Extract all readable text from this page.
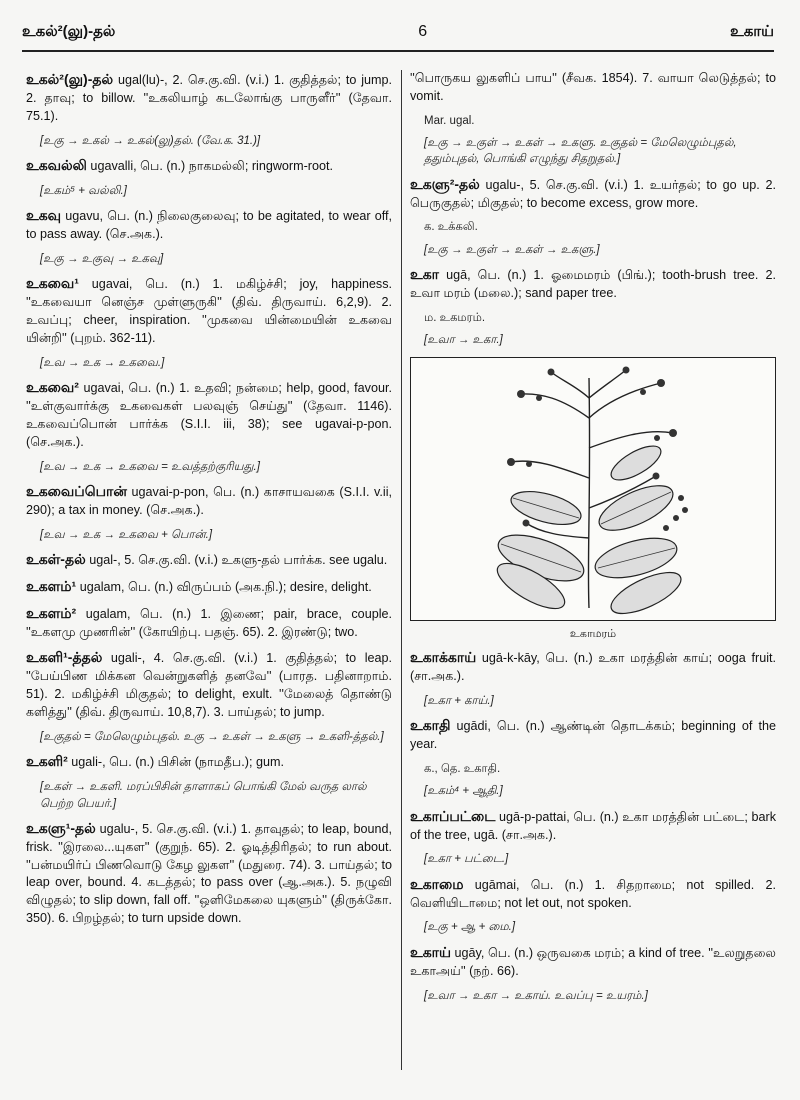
உகல்²(லு)-தல்	6	உகாய்
உகல்²(லு)-தல் ugal(lu)-, 2. செ.கு.வி. (v.i.) 1. குதித்தல்; to jump. 2. தாவு; to billow. ''உகலியாழ் கடலோங்கு பாருளீர்'' (தேவா. 75.1).
[உகு → உகல் → உகல்(லு)தல். (வே.க. 31.)]
உகவல்லி ugavalli, பெ. (n.) நாகமல்லி; ringworm-root.
[உகம்⁵ + வல்லி.]
உகவு ugavu, பெ. (n.) நிலைகுலைவு; to be agitated, to wear off, to pass away. (செ.அக.).
[உகு → உகுவு → உகவு]
உகவை¹ ugavai, பெ. (n.) 1. மகிழ்ச்சி; joy, happiness. ''உகவையா னெஞ்ச முள்ளுருகி'' (திவ். திருவாய். 6,2,9). 2. உவப்பு; cheer, inspiration. ''முகவை யின்மையின் உகவை யின்றி'' (புறம். 362-11).
[உவ → உக → உகவை.]
உகவை² ugavai, பெ. (n.) 1. உதவி; நன்மை; help, good, favour. ''உள்குவார்க்கு உகவைகள் பலவுஞ் செய்து'' (தேவா. 1146). உகவைப்பொன் பார்க்க (S.I.I. iii, 38); see ugavai-p-pon. (செ.அக.).
[உவ → உக → உகவை = உவத்தற்குரியது.]
உகவைப்பொன் ugavai-p-pon, பெ. (n.) காசாயவகை (S.I.I. v.ii, 290); a tax in money. (செ.அக.).
[உவ → உக → உகவை + பொன்.]
உகள்-தல் ugal-, 5. செ.கு.வி. (v.i.) உகளு-தல் பார்க்க. see ugalu.
உகளம்¹ ugalam, பெ. (n.) விருப்பம் (அக.நி.); desire, delight.
உகளம்² ugalam, பெ. (n.) 1. இணை; pair, brace, couple. ''உகளமு முணரின்'' (கோயிற்பு. பதஞ். 65). 2. இரண்டு; two.
உகளி¹-த்தல் ugali-, 4. செ.கு.வி. (v.i.) 1. குதித்தல்; to leap. ''பேய்பிண மிக்கன வென்றுகளித் தனவே'' (பாரத. பதினாறாம். 51). 2. மகிழ்ச்சி மிகுதல்; to delight, exult. ''மேலைத் தொண்டு களித்து'' (திவ். திருவாய். 10,8,7). 3. பாய்தல்; to jump.
[உகுதல் = மேலெழும்புதல். உகு → உகள் → உகளு → உகளி-த்தல்.]
உகளி² ugali-, பெ. (n.) பிசின் (நாமதீப.); gum.
[உகள் → உகளி. மரப்பிசின் தாளாகப் பொங்கி மேல் வருத லால் பெற்ற பெயர்.]
உகளு¹-தல் ugalu-, 5. செ.கு.வி. (v.i.) 1. தாவுதல்; to leap, bound, frisk. ''இரலை...யுகள'' (குறுந். 65). 2. ஓடித்திரிதல்; to run about. ''பன்மயிர்ப் பிணவொடு கேழ லுகள'' (மதுரை. 74). 3. பாய்தல்; to leap over, bound. 4. கடத்தல்; to pass over (ஆ.அக.). 5. நழுவி விழுதல்; to slip down, fall off. ''ஒளிமேகலை யுகளும்'' (திருக்கோ. 350). 6. பிறழ்தல்; to turn upside down.
''பொருகய லுகளிப் பாய'' (சீவக. 1854). 7. வாயா லெடுத்தல்; to vomit.
Mar. ugal.
[உகு → உகுள் → உகள் → உகளு. உகுதல் = மேலெழும்புதல், ததும்புதல், பொங்கி எழுந்து சிதறுதல்.]
உகளு²-தல் ugalu-, 5. செ.கு.வி. (v.i.) 1. உயர்தல்; to go up. 2. பெருகுதல்; மிகுதல்; to become excess, grow more.
க. உக்கலி.
[உகு → உகுள் → உகள் → உகளு.]
உகா ugā, பெ. (n.) 1. ஓமைமரம் (பிங்.); tooth-brush tree. 2. உவா மரம் (மலை.); sand paper tree.
ம. உகமரம்.
[உவா → உகா.]
உகாமரம்
உகாக்காய் ugā-k-kāy, பெ. (n.) உகா மரத்தின் காய்; ooga fruit. (சா.அக.).
[உகா + காய்.]
உகாதி ugādi, பெ. (n.) ஆண்டின் தொடக்கம்; beginning of the year.
க., தெ. உகாதி.
[உகம்⁴ + ஆதி.]
உகாப்பட்டை ugā-p-pattai, பெ. (n.) உகா மரத்தின் பட்டை; bark of the tree, ugā. (சா.அக.).
[உகா + பட்டை.]
உகாமை ugāmai, பெ. (n.) 1. சிதறாமை; not spilled. 2. வெளியிடாமை; not let out, not spoken.
[உகு + ஆ + மை.]
உகாய் ugāy, பெ. (n.) ஒருவகை மரம்; a kind of tree. ''உலறுதலை உகாஅய்'' (நற். 66).
[உவா → உகா → உகாய். உவப்பு = உயரம்.]
